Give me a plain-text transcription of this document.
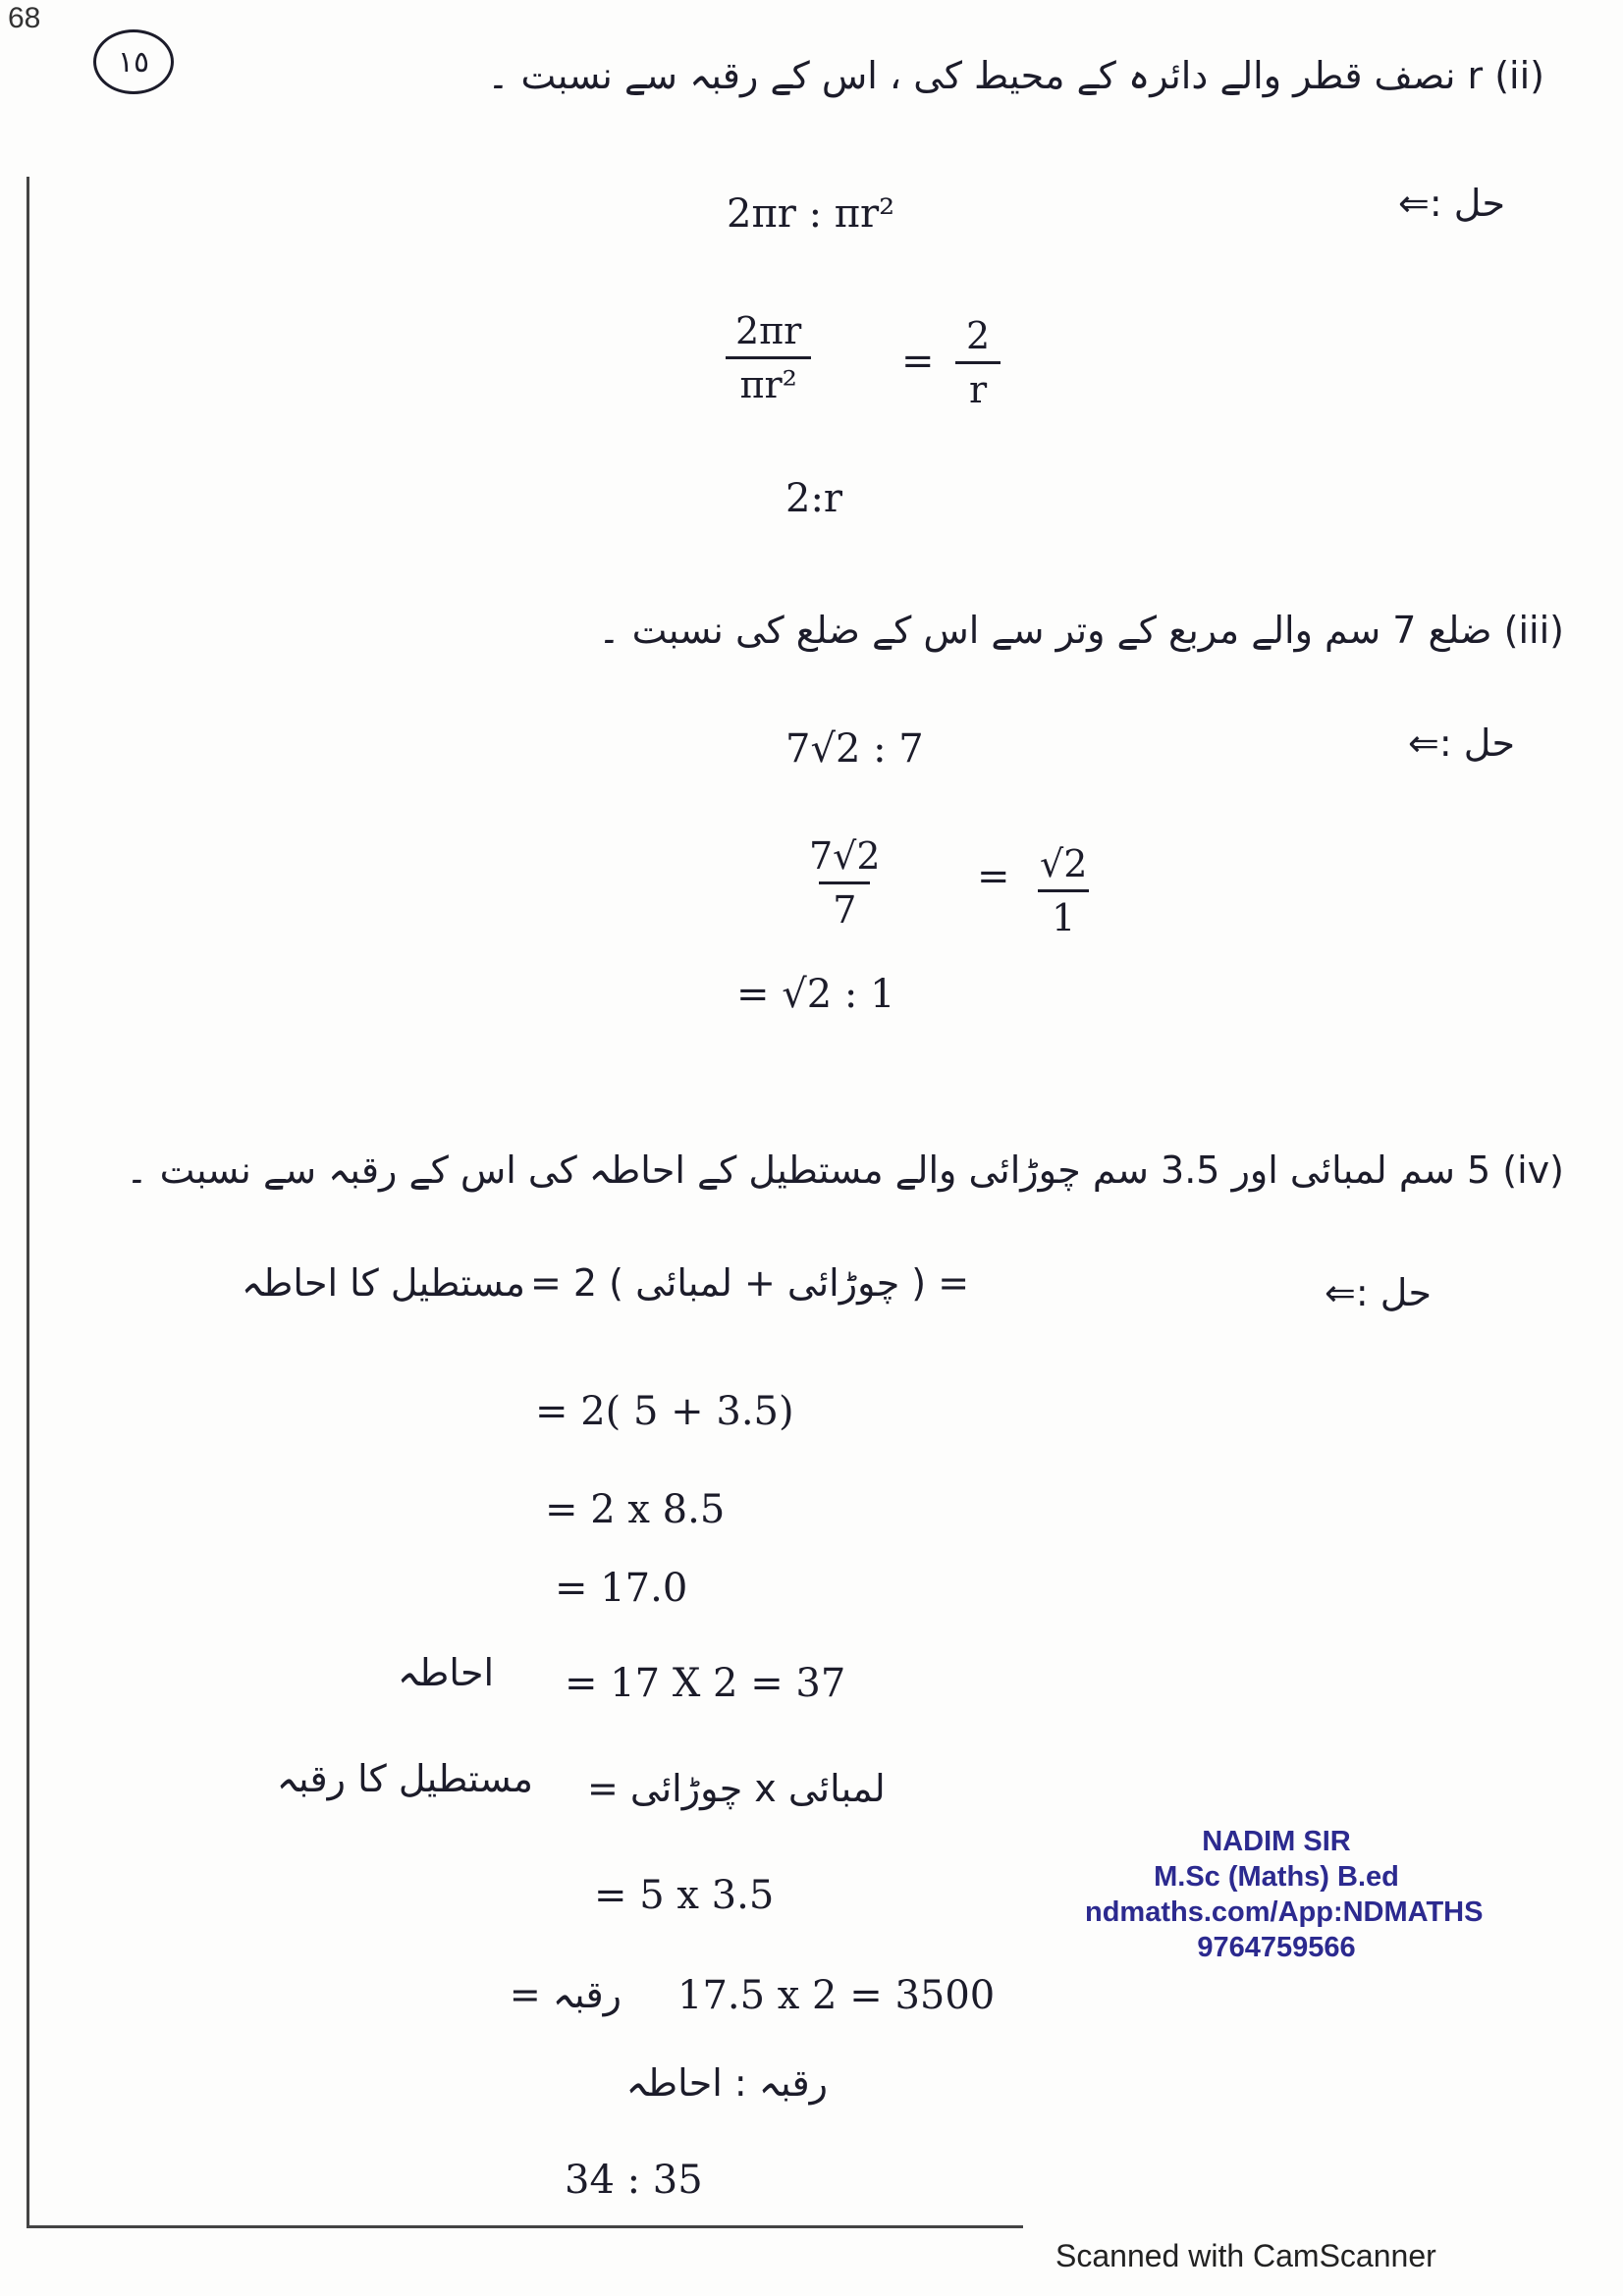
68
١٥	(ii) r نصف قطر والے دائرہ کے محیط کی ، اس کے رقبہ سے نسبت ۔
حل :⇐
2πr : πr²
$\frac{2\pi r}{\text{πr²}} = \frac{2}{r}$
2:r
(iii) ضلع 7 سم والے مربع کے وتر سے اس کے ضلع کی نسبت ۔
حل :⇐
7√2 : 7
$\frac{7√2}{7} = \frac{√2}{1}$
= √2 : 1
(iv) 5 سم لمبائی اور 3.5 سم چوڑائی والے مستطیل کے احاطہ کی اس کے رقبہ سے نسبت ۔
حل :⇐
مستطیل کا احاطہ = 2 ( چوڑائی + لمبائی ) =
= 2( 5 + 3.5)
= 2 x 8.5
= 17.0
احاطہ = 17 X 2 = 37
مستطیل کا رقبہ = چوڑائی x لمبائی
= 5 x 3.5
رقبہ = 17.5 x 2 = 3500
رقبہ : احاطہ
34 : 35
NADIM SIR
M.Sc (Maths) B.ed
ndmaths.com/App:NDMATHS
9764759566
Scanned with CamScanner
